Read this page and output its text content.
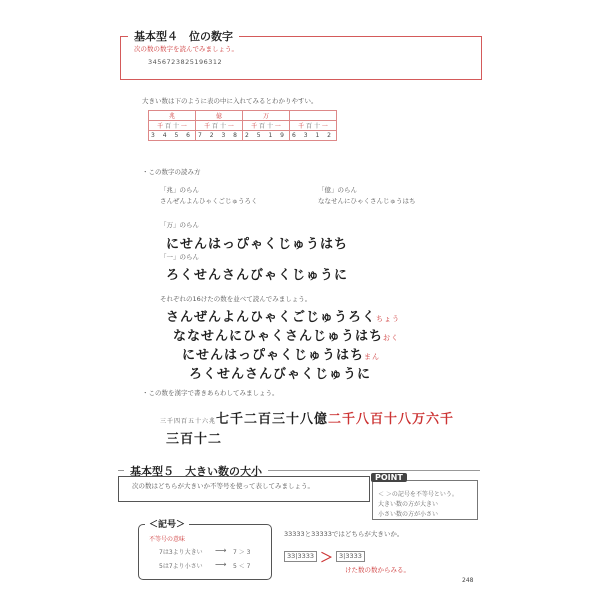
基本型４　位の数字
次の数の数字を読んでみましょう。
3456723825196312
大きい数は下のように表の中に入れてみるとわかりやすい。
兆	億	万	
千 百 十 一	千 百 十 一	千 百 十 一	千 百 十 一
3 4 5 6	7 2 3 8	2 5 1 9	6 3 1 2
・ この数字の読み方
「兆」のらん
さんぜんよんひゃくごじゅうろく
「億」のらん
ななせんにひゃくさんじゅうはち
「万」のらん
にせんはっぴゃくじゅうはち
「一」のらん
ろくせんさんびゃくじゅうに
それぞれの16けたの数を並べて読んでみましょう。
さんぜんよんひゃくごじゅうろくちょう
ななせんにひゃくさんじゅうはちおく
にせんはっぴゃくじゅうはちまん
ろくせんさんびゃくじゅうに
・ この数を漢字で書きあらわしてみましょう。
三千四百五十六兆七千二百三十八億二千八百十八万六千
三百十二
基本型５　大きい数の大小
次の数はどちらが大きいか不等号を使って表してみましょう。
POINT
＜ ＞の記号を不等号という。
大きい数の方が大きい
小さい数の方が小さい
＜記号＞
不等号の意味
7は3より大きい ⟶ 7 ＞ 3
5は7より小さい ⟶ 5 ＜ 7
33333と33333ではどちらが大きいか。
33|3333 ＞ 3|3333
けた数の数からみる。
248
